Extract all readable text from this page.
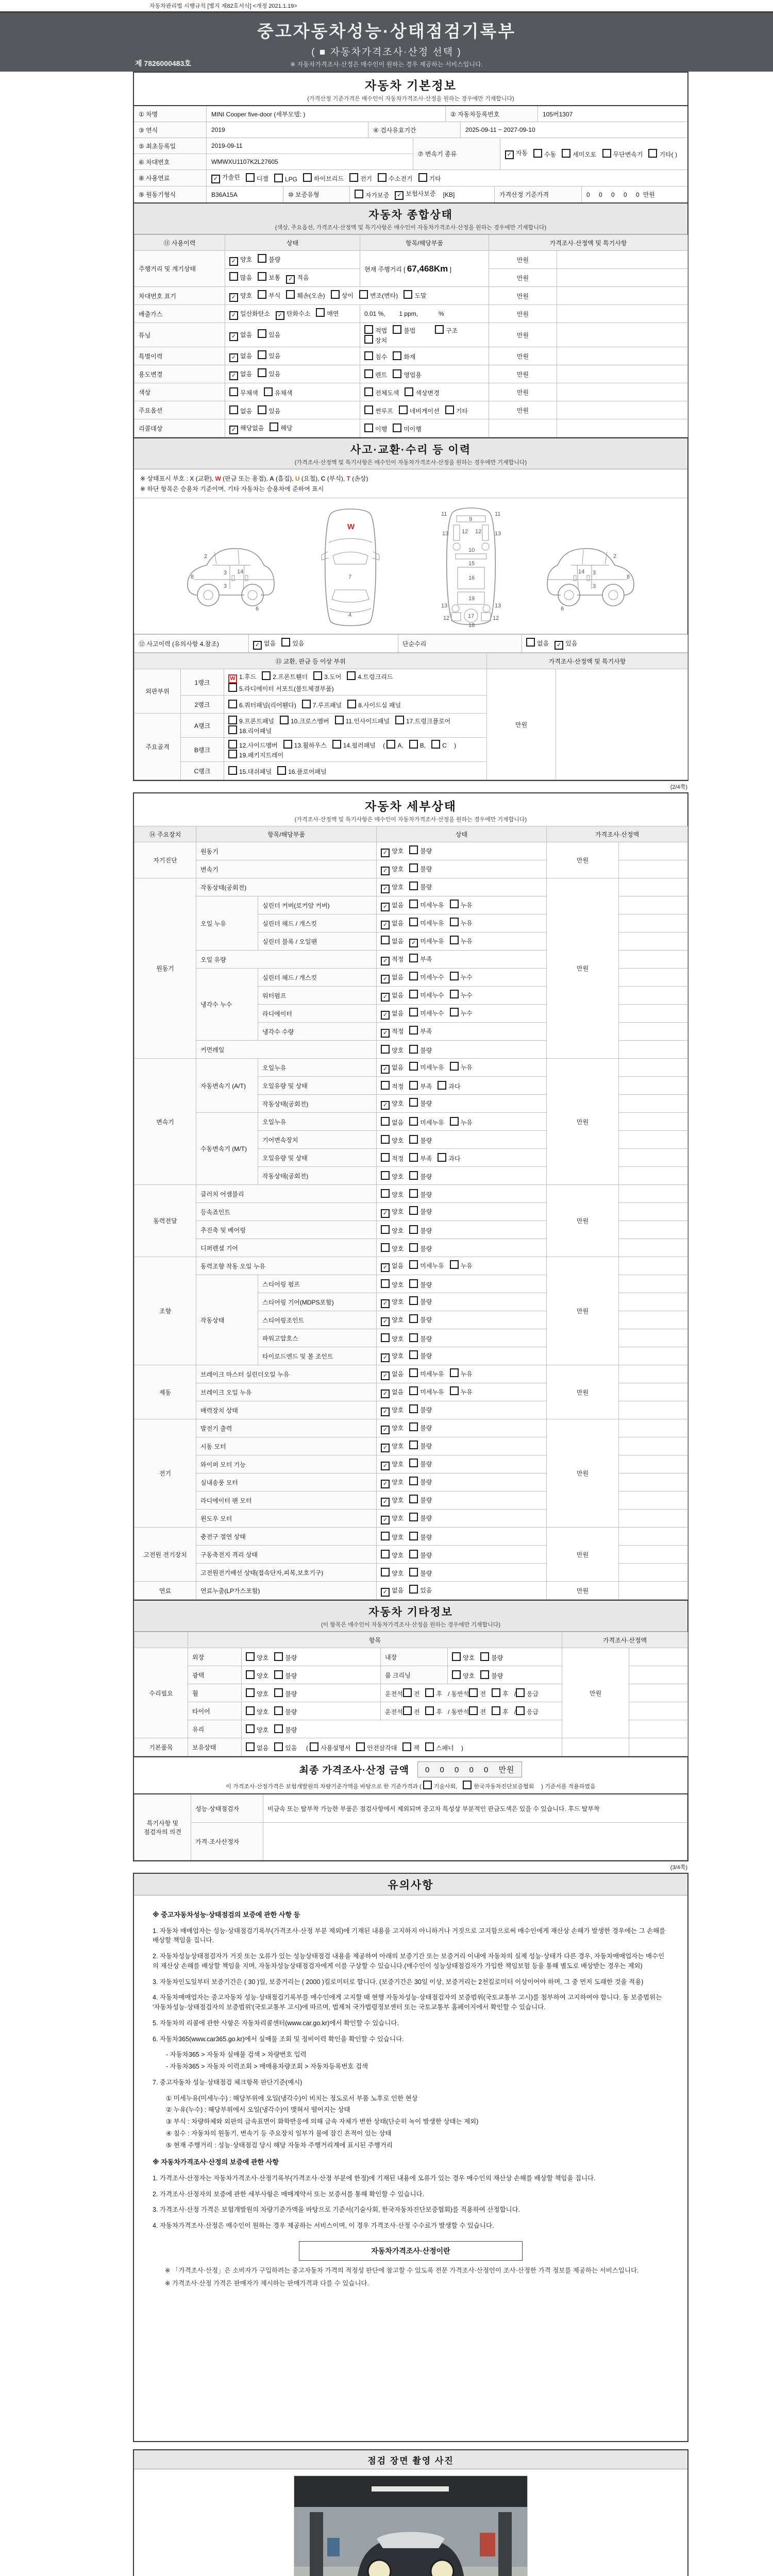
자동차관리법 시행규칙 [별지 제82호서식] <개정 2021.1.19>
중고자동차성능·상태점검기록부
( ■ 자동차가격조사·산정 선택 )
※ 자동차가격조사·산정은 매수인이 원하는 경우 제공하는 서비스입니다.
제 7826000483호
자동차 기본정보
(가격산정 기준가격은 매수인이 자동차가격조사·산정을 원하는 경우에만 기재합니다)
① 차명	MINI Cooper five-door (세부모델: )	② 자동차등록번호	105버1307
③ 연식	2019	④ 검사유효기간	2025-09-11 ~ 2027-09-10
⑤ 최초등록일	2019-09-11
⑥ 차대번호	WMWXU1107K2L27605
⑦ 변속기 종류	✓ 자동	수동	세미오토	무단변속기	기타( )
⑧ 사용연료	✓ 가솔린	디젤	LPG	하이브리드	전기	수소전기	기타
⑨ 원동기형식	B36A15A	⑩ 보증유형	자가보증	✓ 보험사보증 [KB]	가격산정 기준가격	0 0 0 0 0 만원
자동차 종합상태
(색상, 주요옵션, 가격조사·산정액 및 특기사항은 매수인이 자동차가격조사·산정을 원하는 경우에만 기재합니다)
⑪ 사용이력	상태	항목/해당부품	가격조사·산정액 및 특기사항	
주행거리 및 계기상태	✓ 양호 불량	현재 주행거리 [ 67,468Km ]	만원	
	많음 보통 ✓ 적음		만원	
차대번호 표기	✓ 양호 부식 훼손(오손) 상이 변조(변타) 도말		만원	
배출가스	✓ 일산화탄소 ✓ 탄화수소 매연	0.01 %,        1 ppm,            %	만원	
튜닝	✓ 없음 있음	적법 불법 구조장치	만원	
특별이력	✓ 없음 있음	침수 화재	만원	
용도변경	✓ 없음 있음	렌트 영업용	만원	
색상	무채색 유채색	전체도색 색상변경	만원	
주요옵션	없음 있음	썬루프 네비게이션 기타	만원	
리콜대상	✓ 해당없음 해당	이행 미이행		
사고·교환·수리 등 이력
(가격조사·산정액 및 특기사항은 매수인이 자동차가격조사·산정을 원하는 경우에만 기재합니다)
※ 상태표시 부호 : X (교환), W (판금 또는 용접), A (흠집), U (요철), C (부식), T (손상)
※ 하단 항목은 승용차 기준이며, 기타 자동차는 승용차에 준하여 표시
2
8
3 14
3
6
W
7
4
11	11
9
13	13
12 12
10
15
16
19
13	13
12	12
17
18
2
8
3
14
3
6
⑫ 사고이력 (유의사항 4.참조)	✓ 없음	있음	단순수리	없음 ✓ 있음
⑬ 교환, 판금 등 이상 부위			가격조사·산정액 및 특기사항	
외판부위	1랭크	W 1.후드 2.프론트휀더 3.도어 4.트렁크리드
5.라디에이터 서포트(볼트체결부품)	만원	
	2랭크	6.쿼터패널(리어휀다) 7.루프패널 8.사이드실 패널		
주요골격	A랭크	9.프론트패널 10.크로스멤버 11.인사이드패널 17.트렁크플로어
18.리어패널		
	B랭크	12.사이드멤버 13.휠하우스 14.필러패널 ( A, B, C )
19.패키지트레이		
	C랭크	15.대쉬패널 16.플로어패널		
(2/4쪽)
자동차 세부상태
(가격조사·산정액 및 특기사항은 매수인이 자동차가격조사·산정을 원하는 경우에만 기재합니다)
⑭ 주요장치	항목/해당부품		상태	가격조사·산정액	
자기진단	원동기		✓ 양호 불량	만원	
	변속기		✓ 양호 불량		
원동기	작동상태(공회전)		✓ 양호 불량	만원	
	오일 누유	실린더 커버(로커암 커버)	✓ 없음 미세누유 누유		
		실린더 헤드 / 개스킷	✓ 없음 미세누유 누유		
		실린더 블록 / 오일팬	없음 ✓ 미세누유 누유		
	오일 유량		✓ 적정 부족		
	냉각수 누수	실린더 헤드 / 개스킷	✓ 없음 미세누수 누수		
		워터펌프	✓ 없음 미세누수 누수		
		라디에이터	✓ 없음 미세누수 누수		
		냉각수 수량	✓ 적정 부족		
	커먼레일		양호 불량		
변속기	자동변속기 (A/T)	오일누유	✓ 없음 미세누유 누유	만원	
		오일유량 및 상태	적정 부족 과다		
		작동상태(공회전)	✓ 양호 불량		
	수동변속기 (M/T)	오일누유	없음 미세누유 누유		
		기어변속장치	양호 불량		
		오일유량 및 상태	적정 부족 과다		
		작동상태(공회전)	양호 불량		
동력전달	클러치 어셈블리		양호 불량	만원	
	등속죠인트		✓ 양호 불량		
	추진축 및 베어링		양호 불량		
	디퍼렌셜 기어		양호 불량		
조향	동력조향 작동 오일 누유		✓ 없음 미세누유 누유	만원	
	작동상태	스티어링 펌프	양호 불량		
		스티어링 기어(MDPS포함)	✓ 양호 불량		
		스티어링조인트	✓ 양호 불량		
		파워고압호스	양호 불량		
		타이로드엔드 및 볼 조인트	✓ 양호 불량		
제동	브레이크 마스터 실린더오일 누유		✓ 없음 미세누유 누유	만원	
	브레이크 오일 누유		✓ 없음 미세누유 누유		
	배력장치 상태		✓ 양호 불량		
전기	발전기 출력		✓ 양호 불량	만원	
	시동 모터		✓ 양호 불량		
	와이퍼 모터 기능		✓ 양호 불량		
	실내송풍 모터		✓ 양호 불량		
	라디에이터 팬 모터		✓ 양호 불량		
	윈도우 모터		✓ 양호 불량		
고전원 전기장치	충전구 절연 상태		양호 불량	만원	
	구동축전지 격리 상태		양호 불량		
	고전원전기배선 상태(접속단자,피복,보호기구)		양호 불량		
연료	연료누출(LP가스포함)		✓ 없음 있음	만원	
자동차 기타정보
(이 항목은 매수인이 자동차가격조사·산정을 원하는 경우에만 기재합니다)
	항목				가격조사·산정액	
수리필요	외장	양호 불량	내장	양호 불량	만원	
	광택	양호 불량	룸 크리닝	양호 불량		
	휠	양호 불량	운전석 전 후 / 동반석 전 후 / 응급			
	타이어	양호 불량	운전석 전 후 / 동반석 전 후 / 응급			
	유리	양호 불량				
기본품목	보유상태	없음 있음  ( 사용설명서 안전삼각대 잭 스패너 )				
최종 가격조사·산정 금액	0 0 0 0 0 만원
이 가격조사·산정가격은 보험개발원의 차량기준가액을 바탕으로 한 기준가격과 ( 기술사회,	한국자동차진단보증협회 ) 기준서를 적용하였음
특기사항 및 점검자의 의견	성능·상태점검자	비금속 또는 탈부착 가능한 부품은 점검사항에서 제외되며 중고차 특성상 부분적인 판금도색은 있을 수 있습니다. 후드 탈부착
	가격·조사산정자	
(3/4쪽)
유의사항
※ 중고자동차성능·상태점검의 보증에 관한 사항 등
1. 자동차 매매업자는 성능·상태점검기록부(가격조사·산정 부분 제외)에 기재된 내용을 고지하지 아니하거나 거짓으로 고지함으로써 매수인에게 재산상 손해가 발생한 경우에는 그 손해를 배상할 책임을 집니다.
2. 자동차성능상태점검자가 거짓 또는 오류가 있는 성능상태점검 내용을 제공하여 아래의 보증기간 또는 보증거리 이내에 자동차의 실제 성능·상태가 다른 경우, 자동차매매업자는 매수인의 재산상 손해를 배상할 책임을 지며, 자동차성능상태점검자에게 이를 구상할 수 있습니다.(매수인이 성능상태점검자가 가입한 책임보험 등을 통해 별도로 배상받는 경우는 제외)
3. 자동차인도일부터 보증기간은 ( 30 )일, 보증거리는 ( 2000 )킬로미터로 합니다. (보증기간은 30일 이상, 보증거리는 2천킬로미터 이상이어야 하며, 그 중 먼저 도래한 것을 적용)
4. 자동차매매업자는 중고자동차 성능·상태점검기록부를 매수인에게 고지할 때 현행 자동차성능·상태점검자의 보증범위(국토교통부 고시)를 첨부하여 고지하여야 합니다. 동 보증범위는 '자동차성능·상태점검자의 보증범위'(국토교통부 고시)에 따르며, 법제처 국가법령정보센터 또는 국토교통부 홈페이지에서 확인할 수 있습니다.
5. 자동차의 리콜에 관한 사항은 자동차리콜센터(www.car.go.kr)에서 확인할 수 있습니다.
6. 자동차365(www.car365.go.kr)에서 실매물 조회 및 정비이력 확인을 확인할 수 있습니다.
- 자동차365 > 자동차 실매물 검색 > 차량번호 입력
- 자동차365 > 자동차 이력조회 > 매매용차량조회 > 자동차등록번호 검색
7. 중고자동차 성능·상태점검 체크항목 판단기준(예시)
① 미세누유(미세누수) : 해당부위에 오일(냉각수)이 비치는 정도로서 부품 노후로 인한 현상
② 누유(누수) : 해당부위에서 오일(냉각수)이 맺혀서 떨어지는 상태
③ 부식 : 차량하체와 외판의 금속표면이 화학반응에 의해 금속 자체가 변한 상태(단순히 녹이 발생한 상태는 제외)
④ 침수 : 자동차의 원동기, 변속기 등 주요장치 일부가 물에 잠긴 흔적이 있는 상태
⑤ 현재 주행거리 : 성능·상태점검 당시 해당 자동차 주행거리계에 표시된 주행거리
※ 자동차가격조사·산정의 보증에 관한 사항
1. 가격조사·산정자는 자동차가격조사·산정기록부(가격조사·산정 부분에 한정)에 기재된 내용에 오류가 있는 경우 매수인의 재산상 손해를 배상할 책임을 집니다.
2. 가격조사·산정자의 보증에 관한 세부사항은 매매계약서 또는 보증서를 통해 확인할 수 있습니다.
3. 가격조사·산정 가격은 보험개발원의 차량기준가액을 바탕으로 기준서(기술사회, 한국자동차진단보증협회)를 적용하여 산정합니다.
4. 자동차가격조사·산정은 매수인이 원하는 경우 제공하는 서비스이며, 이 경우 가격조사·산정 수수료가 발생할 수 있습니다.
자동차가격조사·산정이란
※ 「가격조사·산정」은 소비자가 구입하려는 중고자동차 가격의 적정성 판단에 참고할 수 있도록 전문 가격조사·산정인이 조사·산정한 가격 정보를 제공하는 서비스입니다.
※ 가격조사·산정 가격은 판매자가 제시하는 판매가격과 다를 수 있습니다.
점검 장면 촬영 사진
